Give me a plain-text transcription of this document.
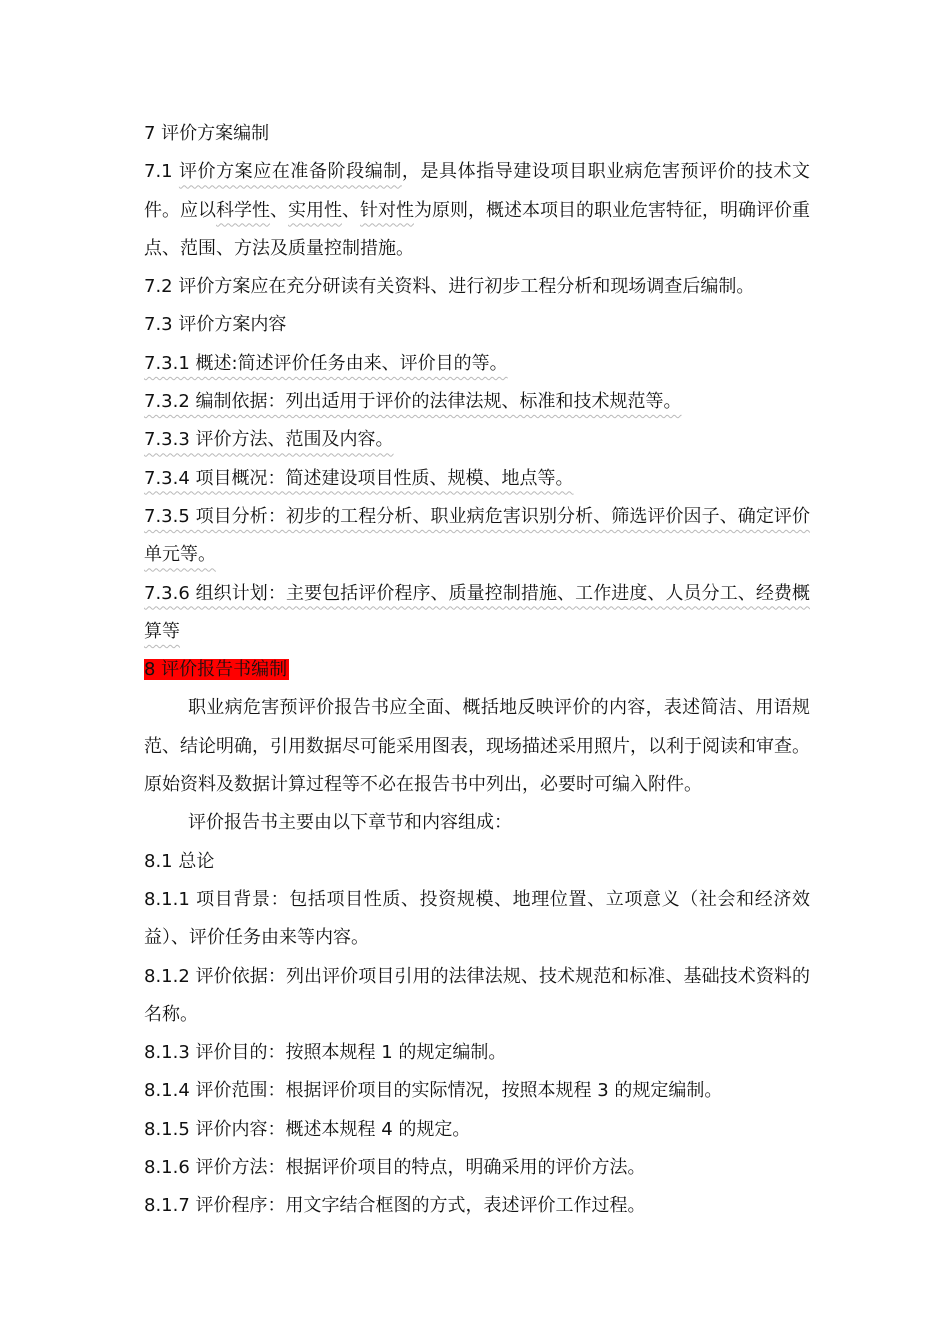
7 评价方案编制

7.1 评价方案应在准备阶段编制，是具体指导建设项目职业病危害预评价的技术文件。应以科学性、实用性、针对性为原则，概述本项目的职业危害特征，明确评价重点、范围、方法及质量控制措施。

7.2 评价方案应在充分研读有关资料、进行初步工程分析和现场调查后编制。

7.3 评价方案内容

7.3.1 概述:简述评价任务由来、评价目的等。

7.3.2 编制依据：列出适用于评价的法律法规、标准和技术规范等。

7.3.3 评价方法、范围及内容。

7.3.4 项目概况：简述建设项目性质、规模、地点等。

7.3.5 项目分析：初步的工程分析、职业病危害识别分析、筛选评价因子、确定评价单元等。

7.3.6 组织计划：主要包括评价程序、质量控制措施、工作进度、人员分工、经费概算等

8 评价报告书编制

职业病危害预评价报告书应全面、概括地反映评价的内容，表述简洁、用语规范、结论明确，引用数据尽可能采用图表，现场描述采用照片，以利于阅读和审查。原始资料及数据计算过程等不必在报告书中列出，必要时可编入附件。

评价报告书主要由以下章节和内容组成：

8.1 总论

8.1.1 项目背景：包括项目性质、投资规模、地理位置、立项意义（社会和经济效益）、评价任务由来等内容。

8.1.2 评价依据：列出评价项目引用的法律法规、技术规范和标准、基础技术资料的名称。

8.1.3 评价目的：按照本规程 1 的规定编制。

8.1.4 评价范围：根据评价项目的实际情况，按照本规程 3 的规定编制。

8.1.5 评价内容：概述本规程 4 的规定。

8.1.6 评价方法：根据评价项目的特点，明确采用的评价方法。

8.1.7 评价程序：用文字结合框图的方式，表述评价工作过程。
